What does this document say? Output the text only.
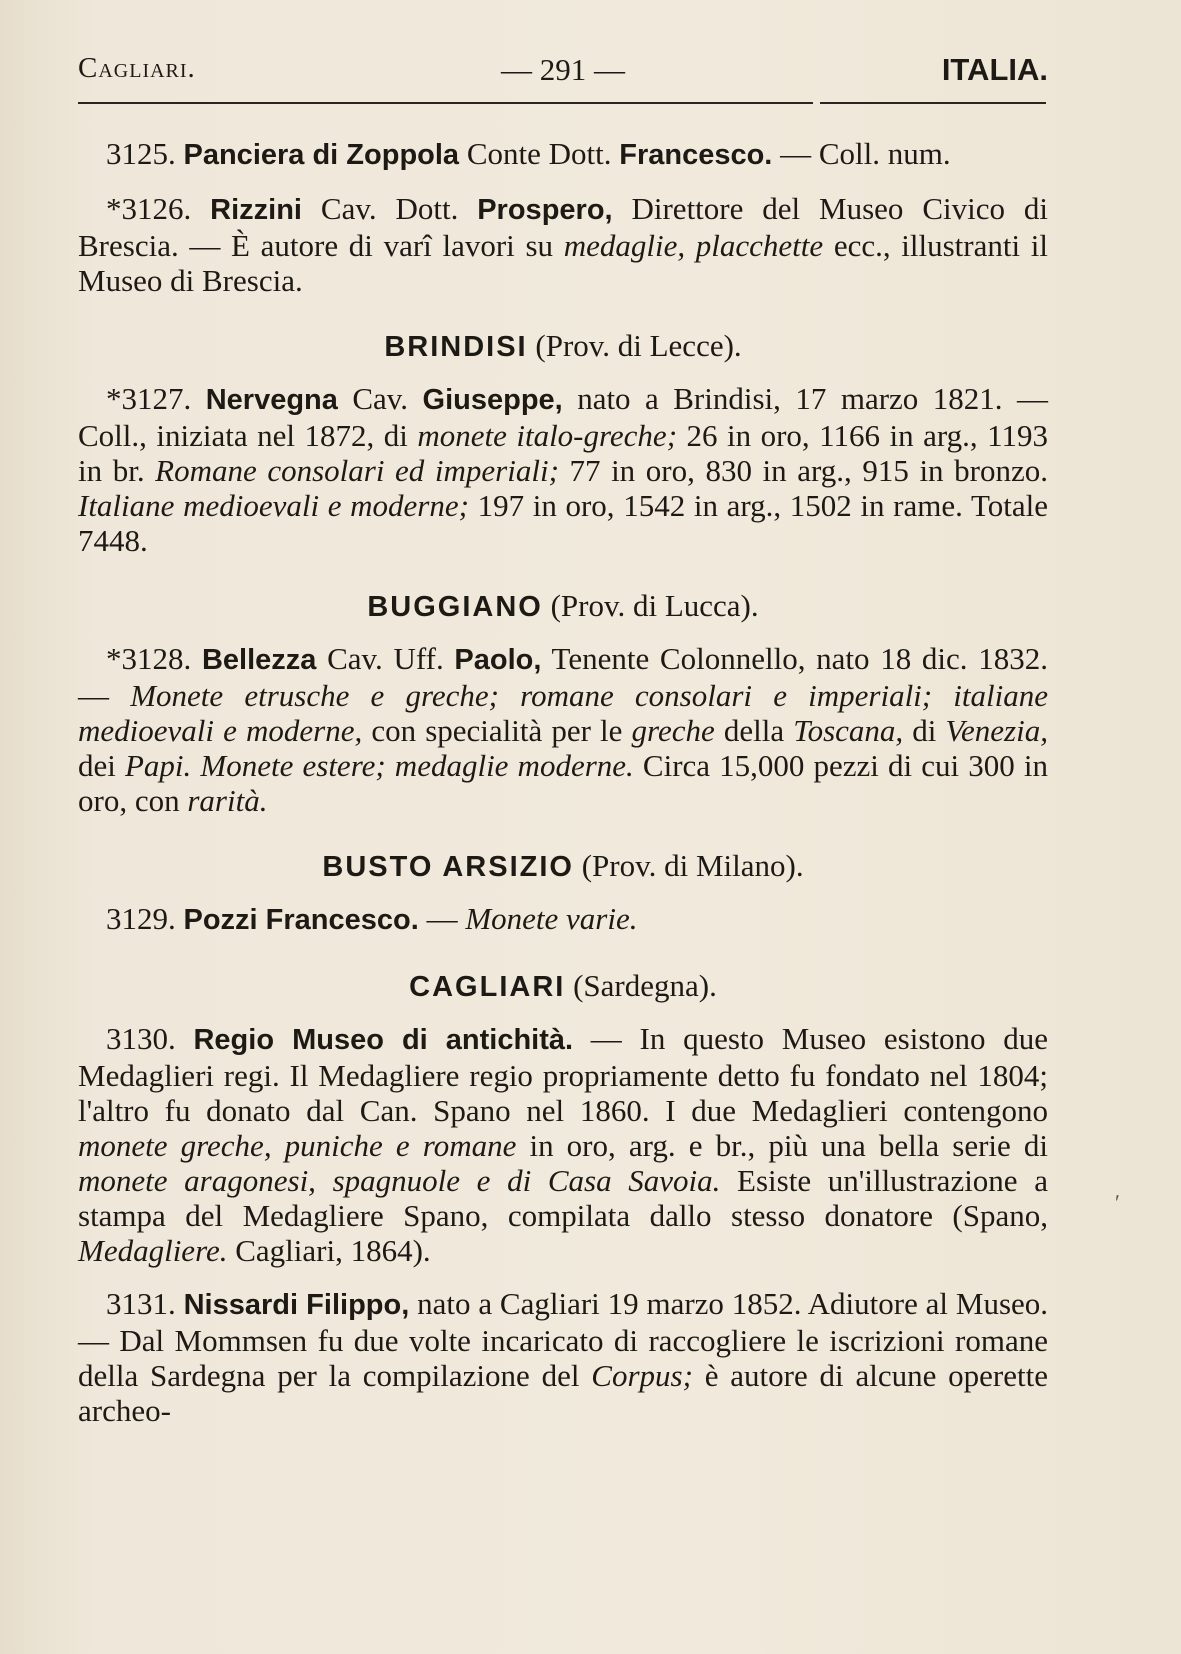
Cagliari.	— 291 —	ITALIA.

3125. Panciera di Zoppola Conte Dott. Francesco. — Coll. num.

*3126. Rizzini Cav. Dott. Prospero, Direttore del Museo Civico di Brescia. — È autore di varî lavori su medaglie, placchette ecc., illustranti il Museo di Brescia.

BRINDISI (Prov. di Lecce).

*3127. Nervegna Cav. Giuseppe, nato a Brindisi, 17 marzo 1821. — Coll., iniziata nel 1872, di monete italo-greche; 26 in oro, 1166 in arg., 1193 in br. Romane consolari ed imperiali; 77 in oro, 830 in arg., 915 in bronzo. Italiane medioevali e moderne; 197 in oro, 1542 in arg., 1502 in rame. Totale 7448.

BUGGIANO (Prov. di Lucca).

*3128. Bellezza Cav. Uff. Paolo, Tenente Colonnello, nato 18 dic. 1832. — Monete etrusche e greche; romane consolari e imperiali; italiane medioevali e moderne, con specialità per le greche della Toscana, di Venezia, dei Papi. Monete estere; medaglie moderne. Circa 15,000 pezzi di cui 300 in oro, con rarità.

BUSTO ARSIZIO (Prov. di Milano).

3129. Pozzi Francesco. — Monete varie.

CAGLIARI (Sardegna).

3130. Regio Museo di antichità. — In questo Museo esistono due Medaglieri regi. Il Medagliere regio propriamente detto fu fondato nel 1804; l'altro fu donato dal Can. Spano nel 1860. I due Medaglieri contengono monete greche, puniche e romane in oro, arg. e br., più una bella serie di monete aragonesi, spagnuole e di Casa Savoia. Esiste un'illustrazione a stampa del Medagliere Spano, compilata dallo stesso donatore (Spano, Medagliere. Cagliari, 1864).

3131. Nissardi Filippo, nato a Cagliari 19 marzo 1852. Adiutore al Museo. — Dal Mommsen fu due volte incaricato di raccogliere le iscrizioni romane della Sardegna per la compilazione del Corpus; è autore di alcune operette archeo-

ʹ
